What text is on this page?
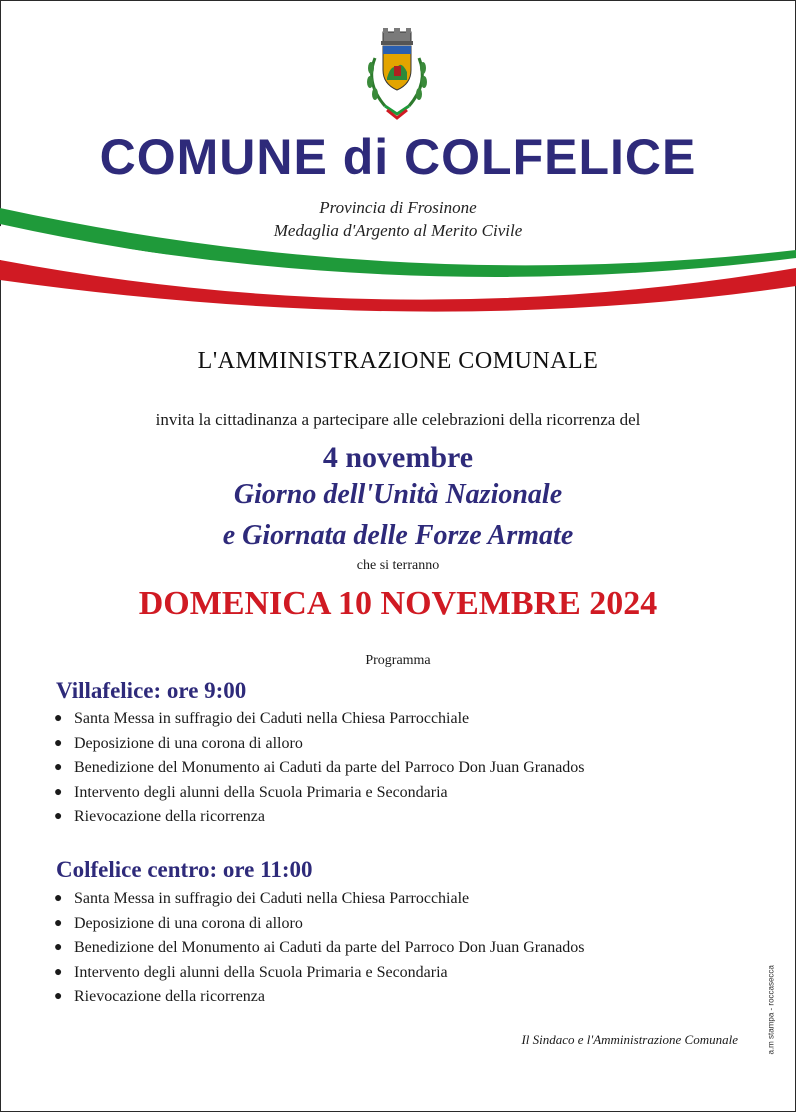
COMUNE di COLFELICE
Provincia di Frosinone
Medaglia d'Argento al Merito Civile
L'AMMINISTRAZIONE COMUNALE
invita la cittadinanza a partecipare alle celebrazioni della ricorrenza del
4 novembre
Giorno dell'Unità Nazionale
e Giornata delle Forze Armate
che si terranno
DOMENICA 10 NOVEMBRE 2024
Programma
Villafelice: ore 9:00
● Santa Messa in suffragio dei Caduti nella Chiesa Parrocchiale
● Deposizione di una corona di alloro
● Benedizione del Monumento ai Caduti da parte del Parroco Don Juan Granados
● Intervento degli alunni della Scuola Primaria e Secondaria
● Rievocazione della ricorrenza
Colfelice centro: ore 11:00
● Santa Messa in suffragio dei Caduti nella Chiesa Parrocchiale
● Deposizione di una corona di alloro
● Benedizione del Monumento ai Caduti da parte del Parroco Don Juan Granados
● Intervento degli alunni della Scuola Primaria e Secondaria
● Rievocazione della ricorrenza
Il Sindaco e l'Amministrazione Comunale	a.m stampa - roccasecca
